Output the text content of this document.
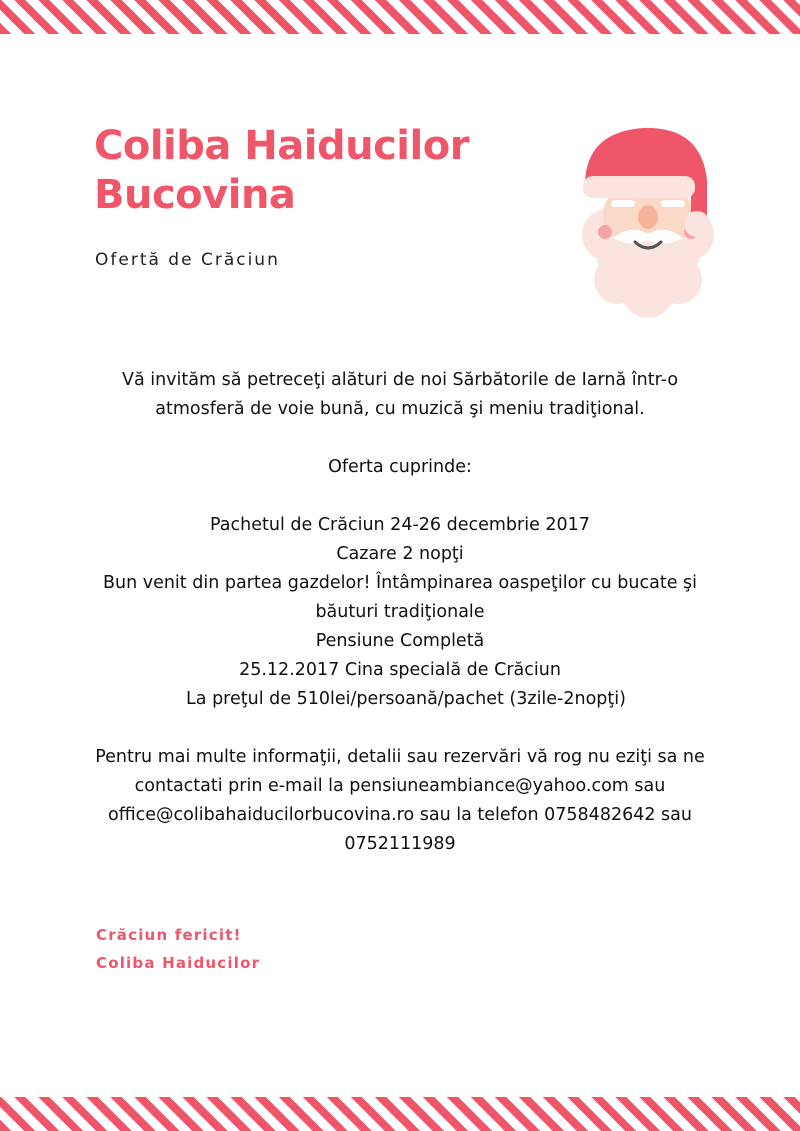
Coliba Haiducilor
Bucovina
Ofertă de Crăciun

Vă invităm să petreceţi alături de noi Sărbătorile de Iarnă într-o atmosferă de voie bună, cu muzică şi meniu tradiţional.

Oferta cuprinde:

Pachetul de Crăciun 24-26 decembrie 2017

Cazare 2 nopţi

Bun venit din partea gazdelor! Întâmpinarea oaspeţilor cu bucate şi băuturi tradiţionale

Pensiune Completă

25.12.2017 Cina specială de Crăciun

La preţul de 510lei/persoană/pachet (3zile-2nopţi)

Pentru mai multe informaţii, detalii sau rezervări vă rog nu eziţi sa ne contactati prin e-mail la pensiuneambiance@yahoo.com sau office@colibahaiducilorbucovina.ro sau la telefon 0758482642 sau 0752111989

Crăciun fericit!
Coliba Haiducilor
